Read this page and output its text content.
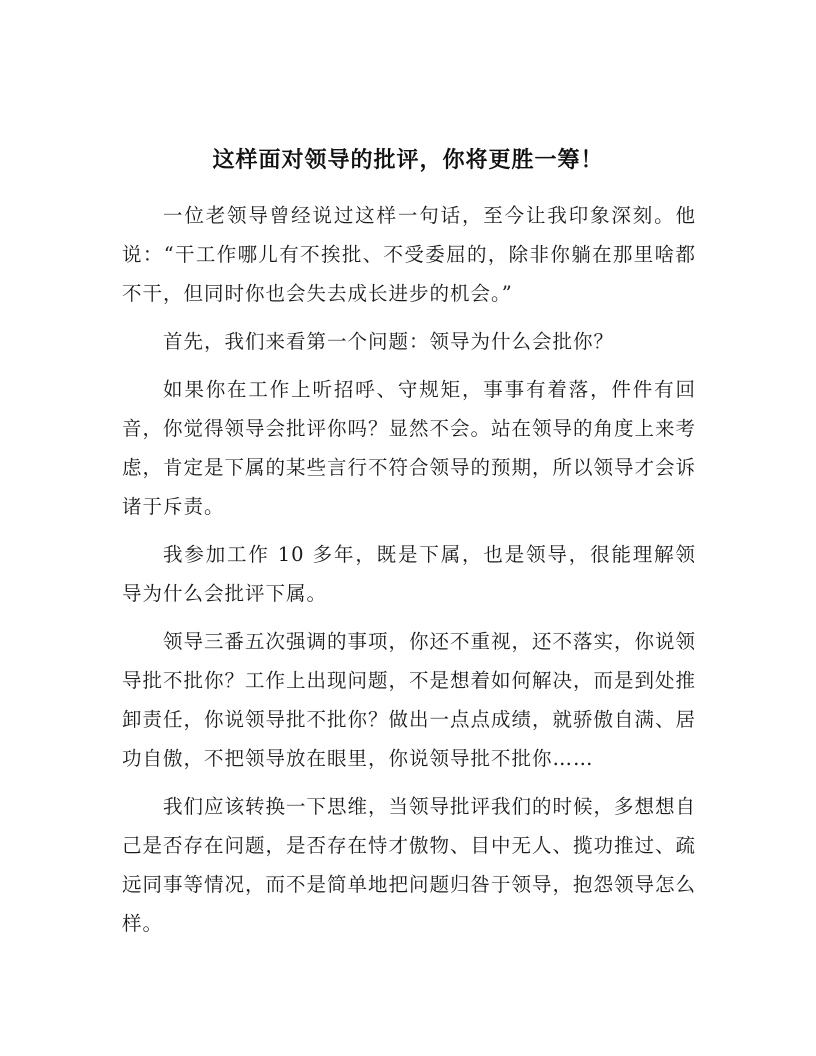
这样面对领导的批评，你将更胜一筹！

一位老领导曾经说过这样一句话，至今让我印象深刻。他说：“干工作哪儿有不挨批、不受委屈的，除非你躺在那里啥都不干，但同时你也会失去成长进步的机会。”

首先，我们来看第一个问题：领导为什么会批你？

如果你在工作上听招呼、守规矩，事事有着落，件件有回音，你觉得领导会批评你吗？显然不会。站在领导的角度上来考虑，肯定是下属的某些言行不符合领导的预期，所以领导才会诉诸于斥责。

我参加工作 10 多年，既是下属，也是领导，很能理解领导为什么会批评下属。

领导三番五次强调的事项，你还不重视，还不落实，你说领导批不批你？工作上出现问题，不是想着如何解决，而是到处推卸责任，你说领导批不批你？做出一点点成绩，就骄傲自满、居功自傲，不把领导放在眼里，你说领导批不批你……

我们应该转换一下思维，当领导批评我们的时候，多想想自己是否存在问题，是否存在恃才傲物、目中无人、揽功推过、疏远同事等情况，而不是简单地把问题归咎于领导，抱怨领导怎么样。
